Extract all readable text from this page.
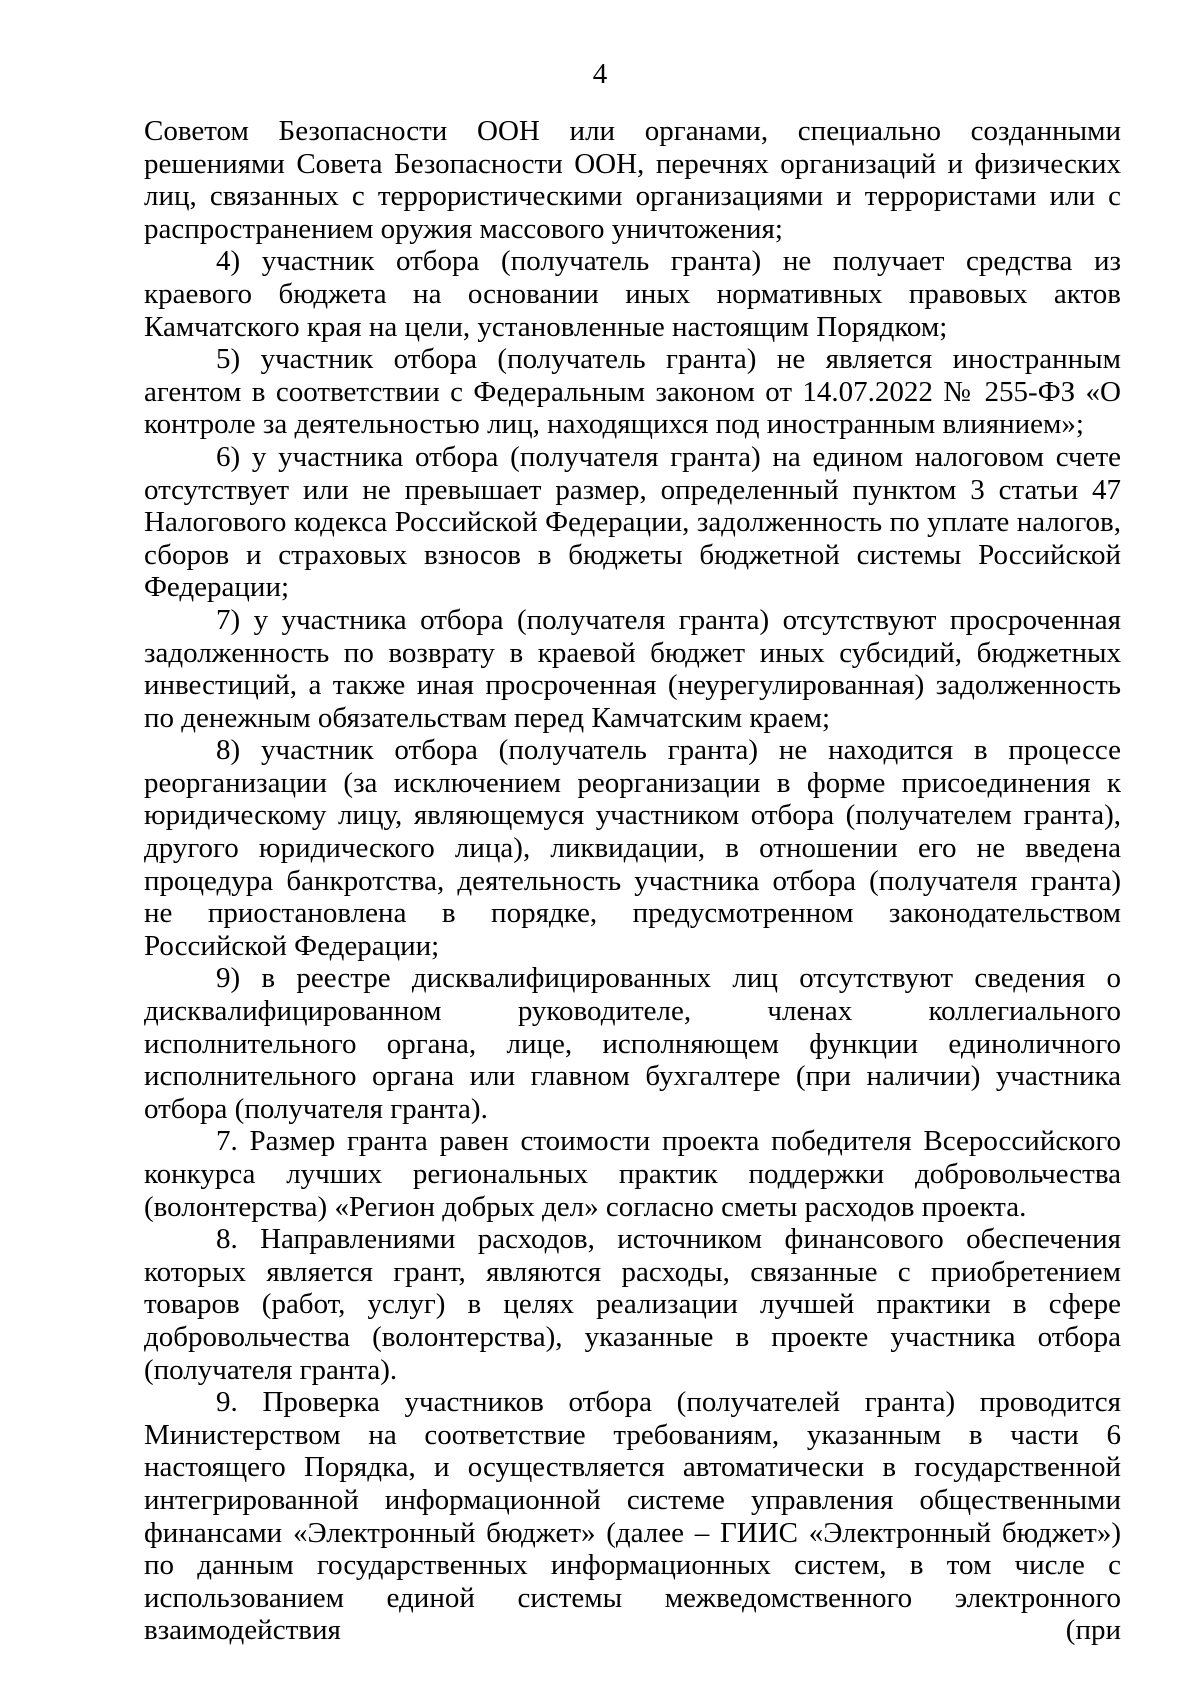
4

Советом Безопасности ООН или органами, специально созданными решениями Совета Безопасности ООН, перечнях организаций и физических лиц, связанных с террористическими организациями и террористами или с распространением оружия массового уничтожения;

4) участник отбора (получатель гранта) не получает средства из краевого бюджета на основании иных нормативных правовых актов Камчатского края на цели, установленные настоящим Порядком;

5) участник отбора (получатель гранта) не является иностранным агентом в соответствии с Федеральным законом от 14.07.2022 № 255-ФЗ «О контроле за деятельностью лиц, находящихся под иностранным влиянием»;

6) у участника отбора (получателя гранта) на едином налоговом счете отсутствует или не превышает размер, определенный пунктом 3 статьи 47 Налогового кодекса Российской Федерации, задолженность по уплате налогов, сборов и страховых взносов в бюджеты бюджетной системы Российской Федерации;

7) у участника отбора (получателя гранта) отсутствуют просроченная задолженность по возврату в краевой бюджет иных субсидий, бюджетных инвестиций, а также иная просроченная (неурегулированная) задолженность по денежным обязательствам перед Камчатским краем;

8) участник отбора (получатель гранта) не находится в процессе реорганизации (за исключением реорганизации в форме присоединения к юридическому лицу, являющемуся участником отбора (получателем гранта), другого юридического лица), ликвидации, в отношении его не введена процедура банкротства, деятельность участника отбора (получателя гранта) не приостановлена в порядке, предусмотренном законодательством Российской Федерации;

9) в реестре дисквалифицированных лиц отсутствуют сведения о дисквалифицированном руководителе, членах коллегиального исполнительного органа, лице, исполняющем функции единоличного исполнительного органа или главном бухгалтере (при наличии) участника отбора (получателя гранта).

7. Размер гранта равен стоимости проекта победителя Всероссийского конкурса лучших региональных практик поддержки добровольчества (волонтерства) «Регион добрых дел» согласно сметы расходов проекта.

8. Направлениями расходов, источником финансового обеспечения которых является грант, являются расходы, связанные с приобретением товаров (работ, услуг) в целях реализации лучшей практики в сфере добровольчества (волонтерства), указанные в проекте участника отбора (получателя гранта).

9. Проверка участников отбора (получателей гранта) проводится Министерством на соответствие требованиям, указанным в части 6 настоящего Порядка, и осуществляется автоматически в государственной интегрированной информационной системе управления общественными финансами «Электронный бюджет» (далее – ГИИС «Электронный бюджет») по данным государственных информационных систем, в том числе с использованием единой системы межведомственного электронного взаимодействия (при
